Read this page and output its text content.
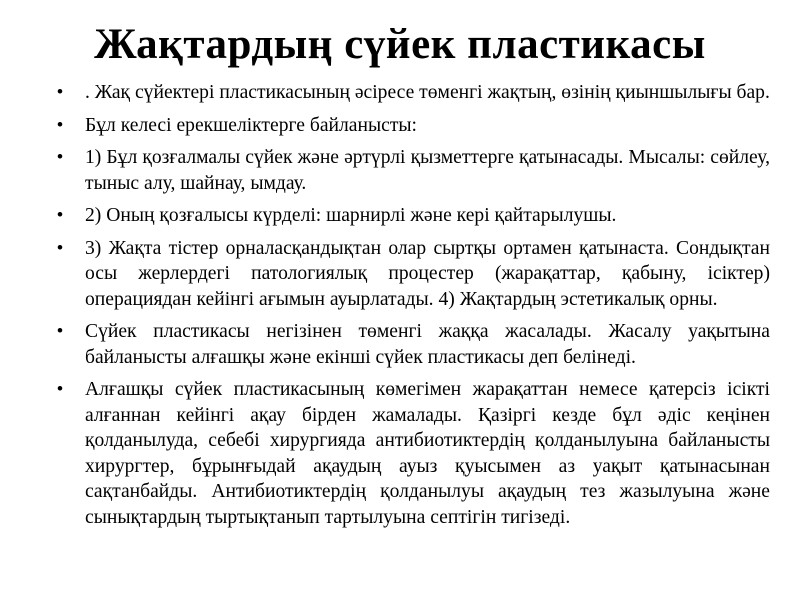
Жақтардың сүйек пластикасы
• . Жақ сүйектері пластикасының әсіресе төменгі жақтың, өзінің қиыншылығы бар.
• Бұл келесі ерекшеліктерге байланысты:
• 1) Бұл қозғалмалы сүйек және әртүрлі қызметтерге қатынасады. Мысалы: сөйлеу, тыныс алу, шайнау, ымдау.
• 2) Оның қозғалысы күрделі: шарнирлі және кері қайтарылушы.
• 3) Жақта тістер орналасқандықтан олар сыртқы ортамен қатынаста. Сондықтан осы жерлердегі патологиялық процестер (жарақаттар, қабыну, ісіктер) операциядан кейінгі ағымын ауырлатады. 4) Жақтардың эстетикалық орны.
• Сүйек пластикасы негізінен төменгі жаққа жасалады. Жасалу уақытына байланысты алғашқы және екінші сүйек пластикасы деп белінеді.
• Алғашқы сүйек пластикасының көмегімен жарақаттан немесе қатерсіз ісікті алғаннан кейінгі ақау бірден жамалады. Қазіргі кезде бұл әдіс кеңінен қолданылуда, себебі хирургияда антибиотиктердің қолданылуына байланысты хирургтер, бұрынғыдай ақаудың ауыз қуысымен аз уақыт қатынасынан сақтанбайды. Антибиотиктердің қолданылуы ақаудың тез жазылуына және сынықтардың тыртықтанып тартылуына септігін тигізеді.
